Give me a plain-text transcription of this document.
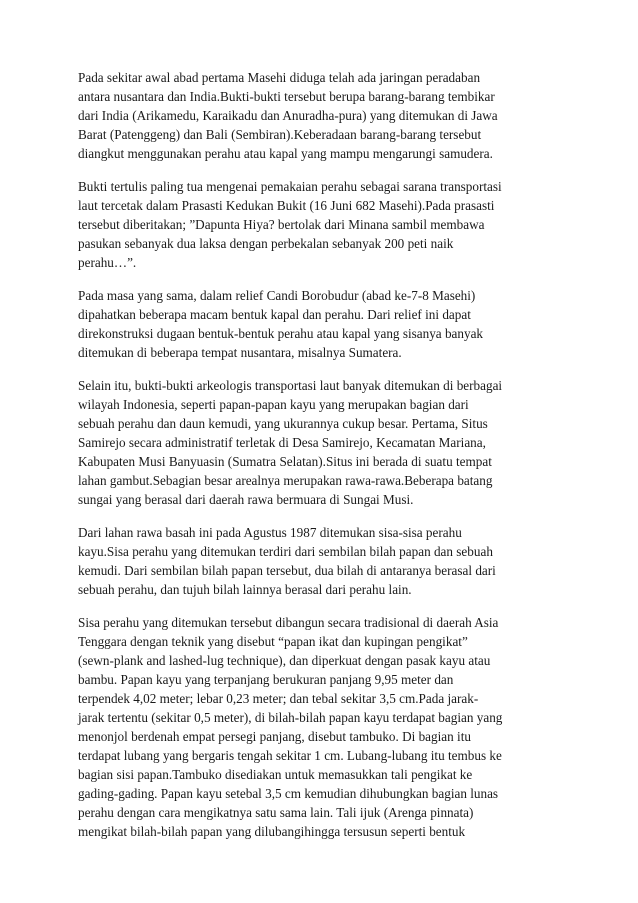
Pada sekitar awal abad pertama Masehi diduga telah ada jaringan peradaban
antara nusantara dan India.Bukti-bukti tersebut berupa barang-barang tembikar
dari India (Arikamedu, Karaikadu dan Anuradha-pura) yang ditemukan di Jawa
Barat (Patenggeng) dan Bali (Sembiran).Keberadaan barang-barang tersebut
diangkut menggunakan perahu atau kapal yang mampu mengarungi samudera.

Bukti tertulis paling tua mengenai pemakaian perahu sebagai sarana transportasi
laut tercetak dalam Prasasti Kedukan Bukit (16 Juni 682 Masehi).Pada prasasti
tersebut diberitakan; ”Dapunta Hiya? bertolak dari Minana sambil membawa
pasukan sebanyak dua laksa dengan perbekalan sebanyak 200 peti naik
perahu…”.

Pada masa yang sama, dalam relief Candi Borobudur (abad ke-7-8 Masehi)
dipahatkan beberapa macam bentuk kapal dan perahu. Dari relief ini dapat
direkonstruksi dugaan bentuk-bentuk perahu atau kapal yang sisanya banyak
ditemukan di beberapa tempat nusantara, misalnya Sumatera.

Selain itu, bukti-bukti arkeologis transportasi laut banyak ditemukan di berbagai
wilayah Indonesia, seperti papan-papan kayu yang merupakan bagian dari
sebuah perahu dan daun kemudi, yang ukurannya cukup besar. Pertama, Situs
Samirejo secara administratif terletak di Desa Samirejo, Kecamatan Mariana,
Kabupaten Musi Banyuasin (Sumatra Selatan).Situs ini berada di suatu tempat
lahan gambut.Sebagian besar arealnya merupakan rawa-rawa.Beberapa batang
sungai yang berasal dari daerah rawa bermuara di Sungai Musi.

Dari lahan rawa basah ini pada Agustus 1987 ditemukan sisa-sisa perahu
kayu.Sisa perahu yang ditemukan terdiri dari sembilan bilah papan dan sebuah
kemudi. Dari sembilan bilah papan tersebut, dua bilah di antaranya berasal dari
sebuah perahu, dan tujuh bilah lainnya berasal dari perahu lain.

Sisa perahu yang ditemukan tersebut dibangun secara tradisional di daerah Asia
Tenggara dengan teknik yang disebut “papan ikat dan kupingan pengikat”
(sewn-plank and lashed-lug technique), dan diperkuat dengan pasak kayu atau
bambu. Papan kayu yang terpanjang berukuran panjang 9,95 meter dan
terpendek 4,02 meter; lebar 0,23 meter; dan tebal sekitar 3,5 cm.Pada jarak-
jarak tertentu (sekitar 0,5 meter), di bilah-bilah papan kayu terdapat bagian yang
menonjol berdenah empat persegi panjang, disebut tambuko. Di bagian itu
terdapat lubang yang bergaris tengah sekitar 1 cm. Lubang-lubang itu tembus ke
bagian sisi papan.Tambuko disediakan untuk memasukkan tali pengikat ke
gading-gading. Papan kayu setebal 3,5 cm kemudian dihubungkan bagian lunas
perahu dengan cara mengikatnya satu sama lain. Tali ijuk (Arenga pinnata)
mengikat bilah-bilah papan yang dilubangihingga tersusun seperti bentuk
